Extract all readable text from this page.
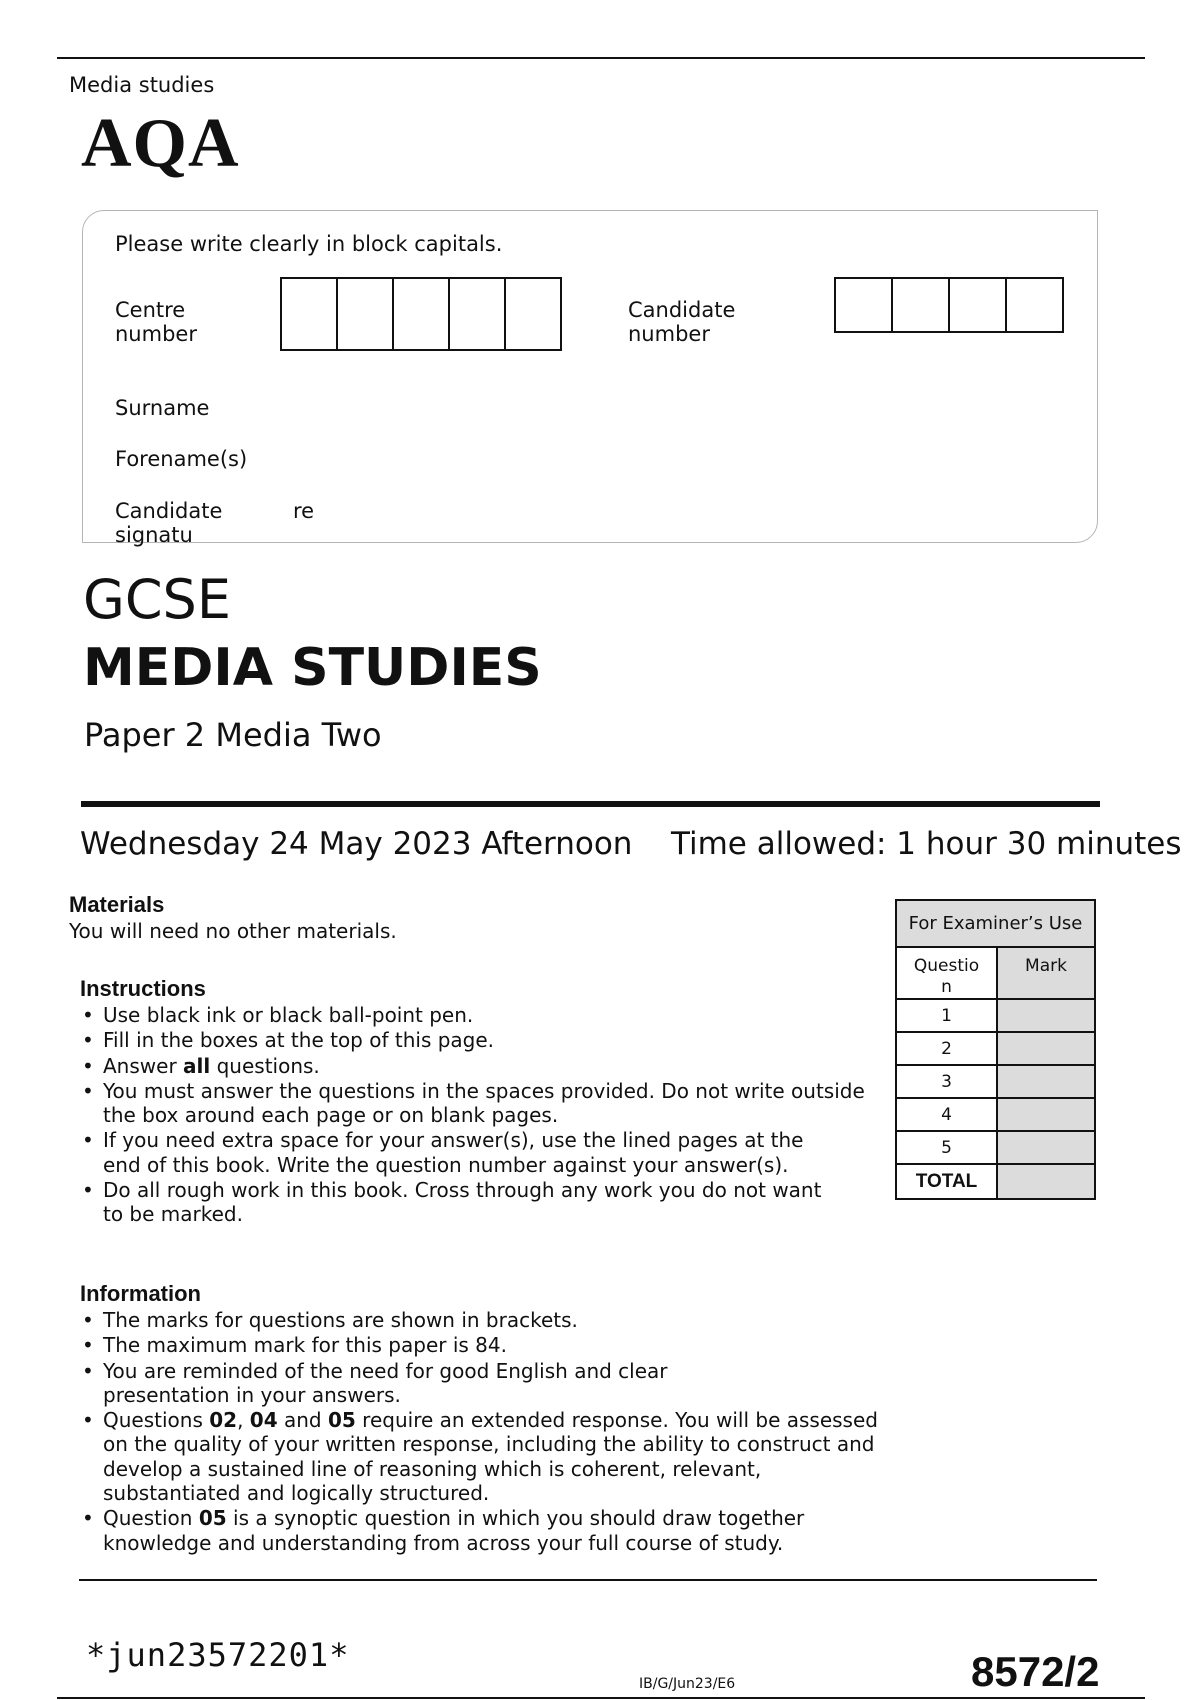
Media studies
AQA
Please write clearly in block capitals.
Centre
number
Candidate
number
Surname
Forename(s)
Candidate
signatu
re
GCSE
MEDIA STUDIES
Paper 2 Media Two
Wednesday 24 May 2023 Afternoon Time allowed: 1 hour 30 minutes
Materials
You will need no other materials.
Instructions
• Use black ink or black ball-point pen.
• Fill in the boxes at the top of this page.
• Answer all questions.
• You must answer the questions in the spaces provided. Do not write outside the box around each page or on blank pages.
• If you need extra space for your answer(s), use the lined pages at the end of this book. Write the question number against your answer(s).
• Do all rough work in this book. Cross through any work you do not want to be marked.
Information
• The marks for questions are shown in brackets.
• The maximum mark for this paper is 84.
• You are reminded of the need for good English and clear presentation in your answers.
• Questions 02, 04 and 05 require an extended response. You will be assessed on the quality of your written response, including the ability to construct and develop a sustained line of reasoning which is coherent, relevant, substantiated and logically structured.
• Question 05 is a synoptic question in which you should draw together knowledge and understanding from across your full course of study.
For Examiner’s Use	
Questio
n	Mark
1	
2	
3	
4	
5	
TOTAL	
*jun23572201*
IB/G/Jun23/E6	8572/2
